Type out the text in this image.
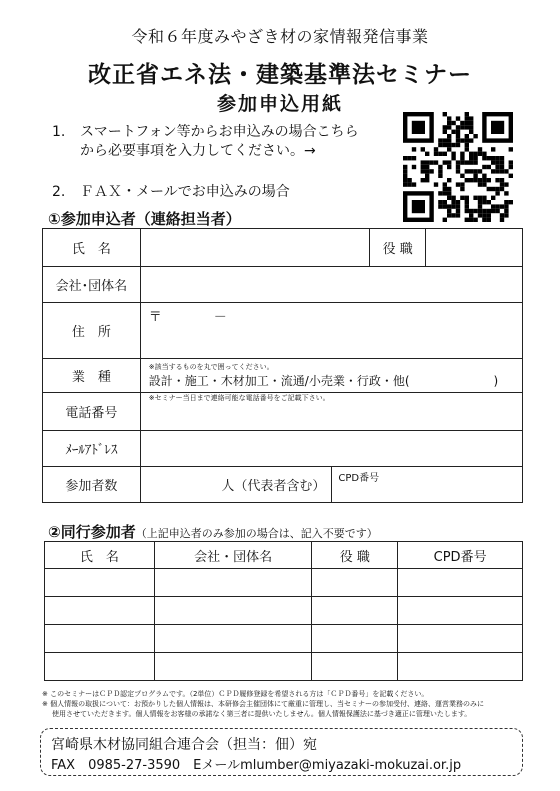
令和６年度みやざき材の家情報発信事業
改正省エネ法・建築基準法セミナー
参加申込用紙
1. スマートフォン等からお申込みの場合こちら
から必要事項を入力してください。→
2. ＦＡＸ・メールでお申込みの場合
①参加申込者（連絡担当者）
氏　名			役 職	
会社･団体名				
住　所	〒　　　　－			
業　種	※該当するものを丸で囲ってください。
設計・施工・木材加工・流通/小売業・行政・他(　　　　　　　)			

電話番号	※セミナー当日まで連絡可能な電話番号をご記載下さい。			

ﾒｰﾙｱﾄﾞﾚｽ				
参加者数	人（代表者含む）	CPD番号		
②同行参加者（上記申込者のみ参加の場合は、記入不要です）
氏　名	会社・団体名	役 職	CPD番号

※ このセミナーはＣＰＤ認定プログラムです。（2単位）ＣＰＤ履修登録を希望される方は「ＣＰＤ番号」を記載ください。
※ 個人情報の取扱について：お預かりした個人情報は、本研修会主催団体にて厳重に管理し、当セミナーの参加受付、連絡、運営業務のみに
使用させていただきます。個人情報をお客様の承諾なく第三者に提供いたしません。個人情報保護法に基づき適正に管理いたします。
宮崎県木材協同組合連合会（担当：佃）宛
FAX　0985-27-3590　Eメールmlumber@miyazaki-mokuzai.or.jp
